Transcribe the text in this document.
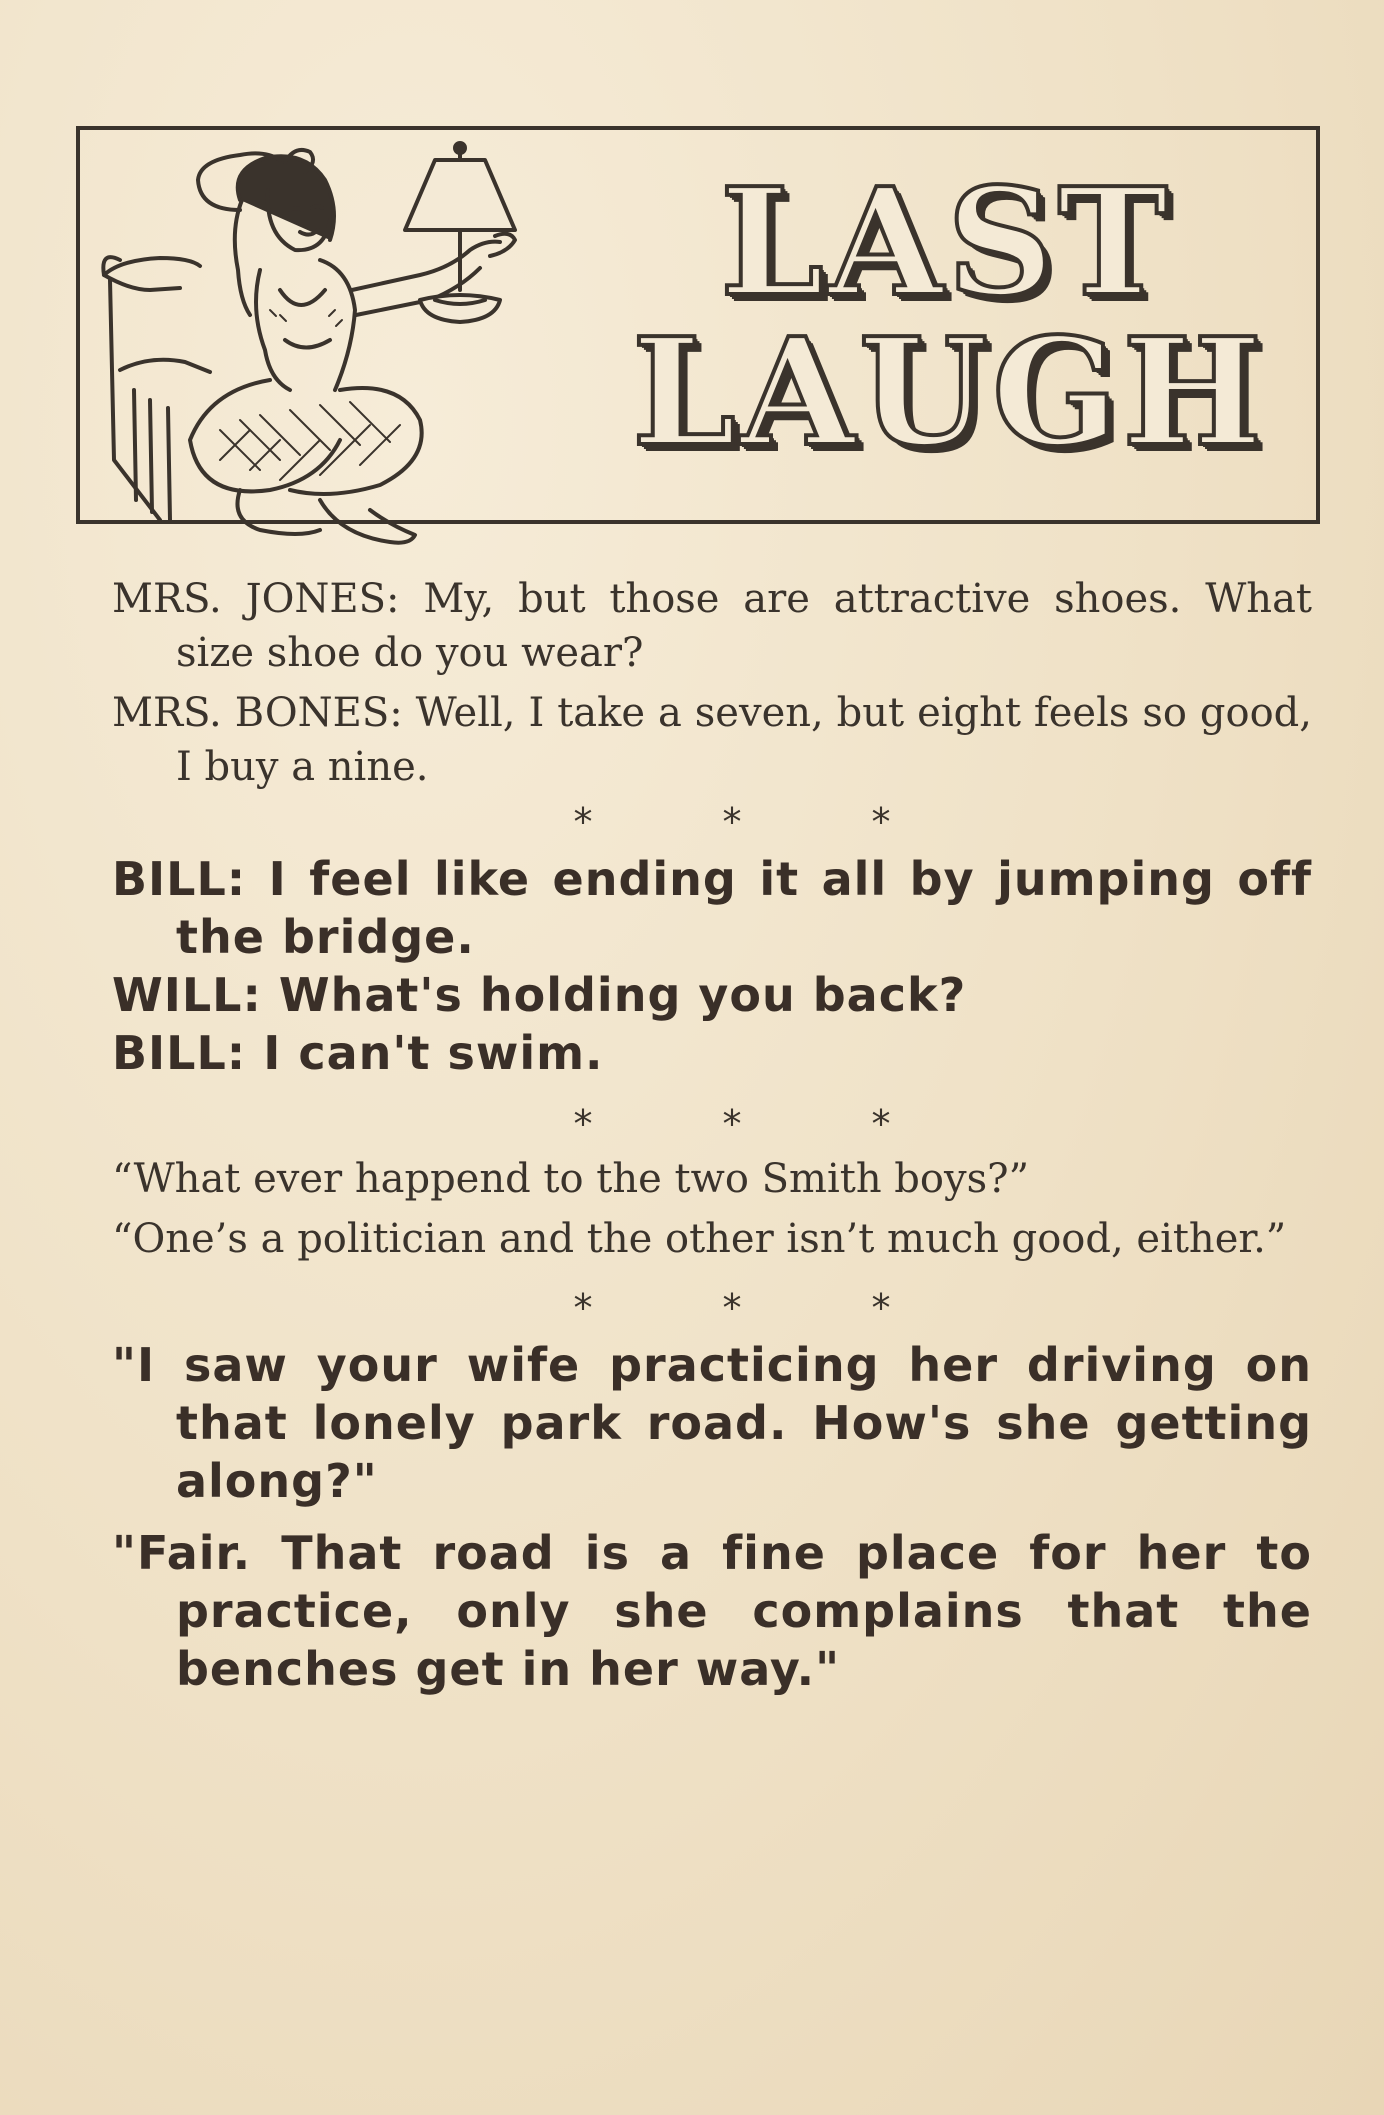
LAST
LAUGH

MRS. JONES: My, but those are attractive shoes. What size shoe do you wear?

MRS. BONES: Well, I take a seven, but eight feels so good, I buy a nine.

*	*	*

BILL: I feel like ending it all by jumping off the bridge.

WILL: What's holding you back?

BILL: I can't swim.

*	*	*

“What ever happend to the two Smith boys?”

“One’s a politician and the other isn’t much good, either.”

*	*	*

"I saw your wife practicing her driving on that lonely park road. How's she getting along?"

"Fair. That road is a fine place for her to practice, only she complains that the benches get in her way."
